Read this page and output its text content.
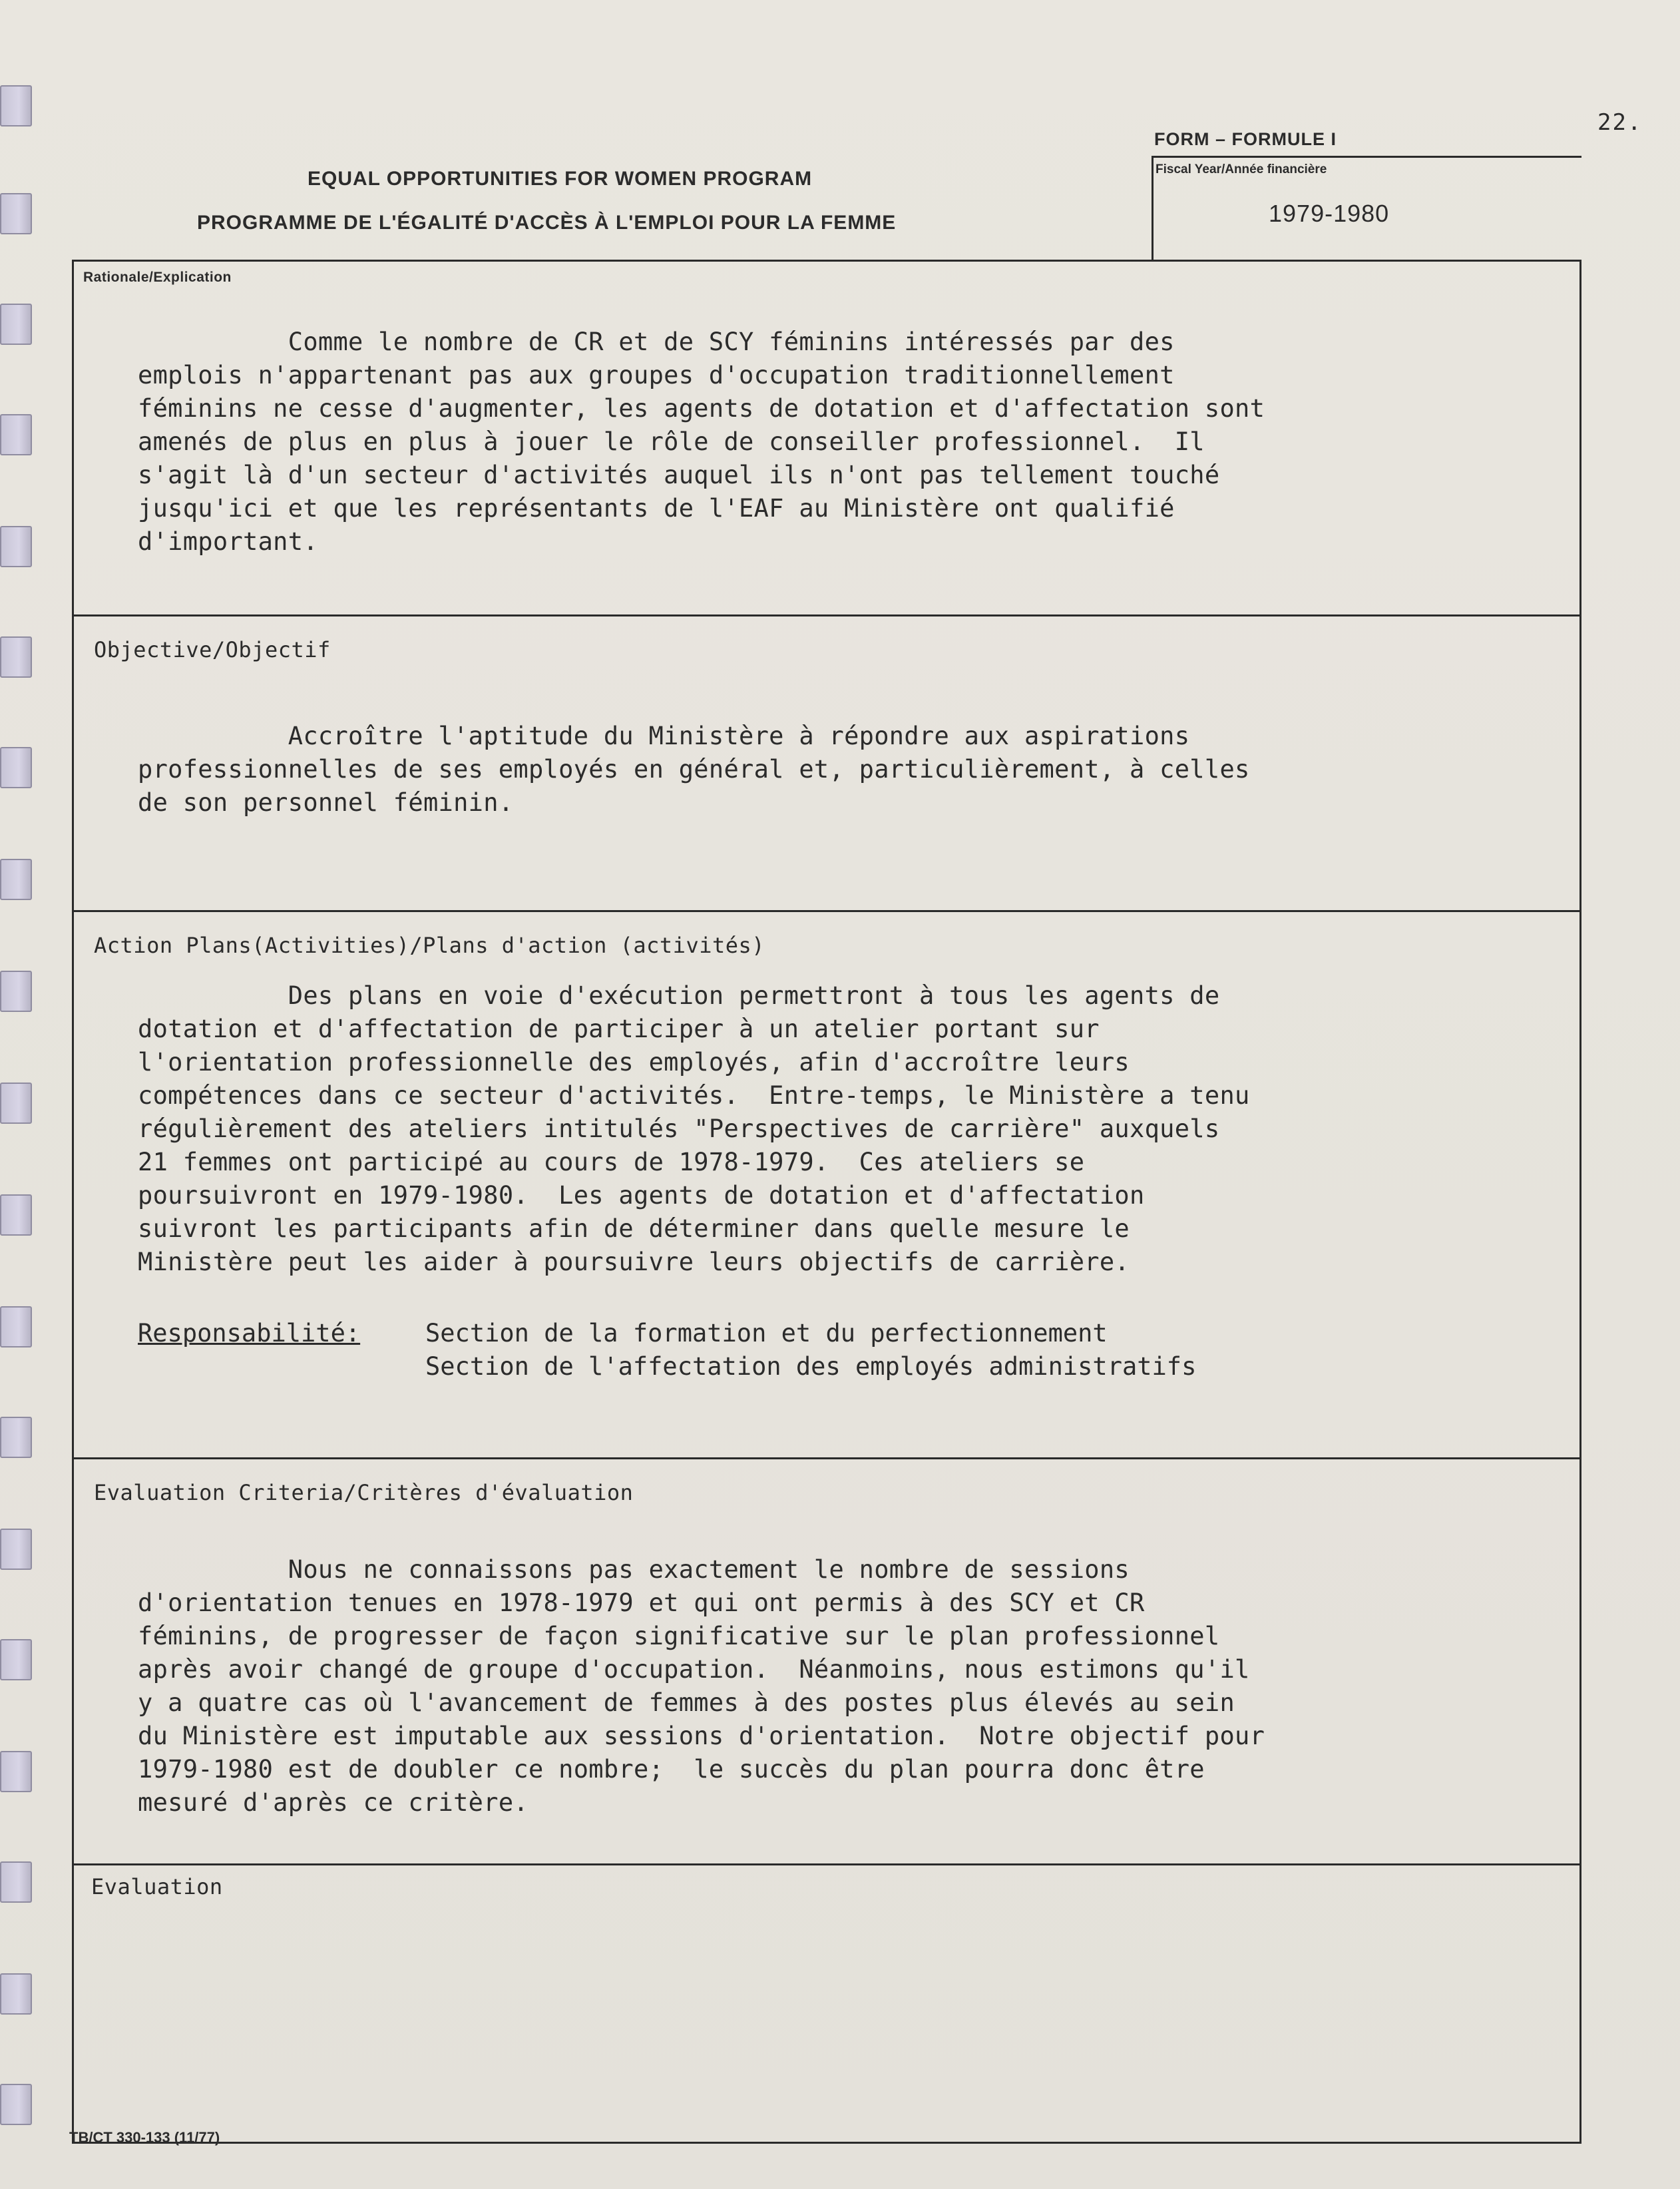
22.
EQUAL OPPORTUNITIES FOR WOMEN PROGRAM
PROGRAMME DE L'ÉGALITÉ D'ACCÈS À L'EMPLOI POUR LA FEMME
FORM – FORMULE I
Fiscal Year/Année financière
1979-1980
Rationale/Explication
Comme le nombre de CR et de SCY féminins intéressés par des
emplois n'appartenant pas aux groupes d'occupation traditionnellement
féminins ne cesse d'augmenter, les agents de dotation et d'affectation sont
amenés de plus en plus à jouer le rôle de conseiller professionnel.  Il
s'agit là d'un secteur d'activités auquel ils n'ont pas tellement touché
jusqu'ici et que les représentants de l'EAF au Ministère ont qualifié
d'important.
Objective/Objectif
Accroître l'aptitude du Ministère à répondre aux aspirations
professionnelles de ses employés en général et, particulièrement, à celles
de son personnel féminin.
Action Plans(Activities)/Plans d'action (activités)
Des plans en voie d'exécution permettront à tous les agents de
dotation et d'affectation de participer à un atelier portant sur
l'orientation professionnelle des employés, afin d'accroître leurs
compétences dans ce secteur d'activités.  Entre-temps, le Ministère a tenu
régulièrement des ateliers intitulés "Perspectives de carrière" auxquels
21 femmes ont participé au cours de 1978-1979.  Ces ateliers se
poursuivront en 1979-1980.  Les agents de dotation et d'affectation
suivront les participants afin de déterminer dans quelle mesure le
Ministère peut les aider à poursuivre leurs objectifs de carrière.
Responsabilité:	Section de la formation et du perfectionnement
Section de l'affectation des employés administratifs
Evaluation Criteria/Critères d'évaluation
Nous ne connaissons pas exactement le nombre de sessions
d'orientation tenues en 1978-1979 et qui ont permis à des SCY et CR
féminins, de progresser de façon significative sur le plan professionnel
après avoir changé de groupe d'occupation.  Néanmoins, nous estimons qu'il
y a quatre cas où l'avancement de femmes à des postes plus élevés au sein
du Ministère est imputable aux sessions d'orientation.  Notre objectif pour
1979-1980 est de doubler ce nombre;  le succès du plan pourra donc être
mesuré d'après ce critère.
Evaluation
TB/CT 330-133 (11/77)
